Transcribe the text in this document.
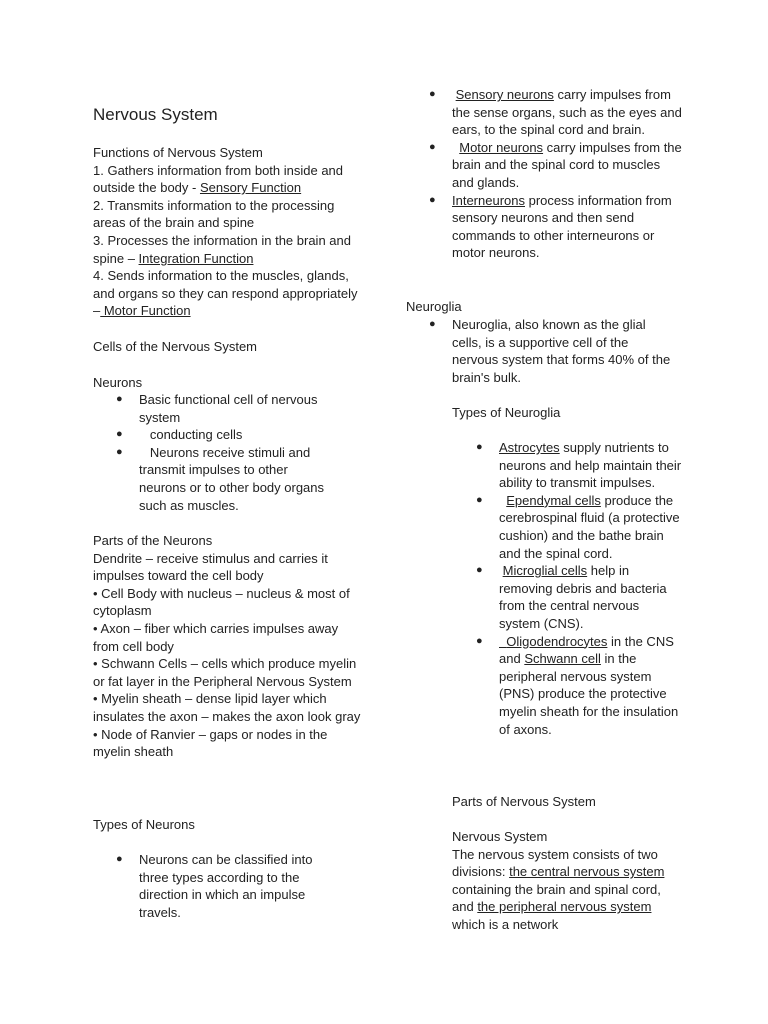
Nervous System

Functions of Nervous System

1. Gathers information from both inside and outside the body - Sensory Function

2. Transmits information to the processing areas of the brain and spine

3. Processes the information in the brain and spine – Integration Function

4. Sends information to the muscles, glands, and organs so they can respond appropriately – Motor Function

Cells of the Nervous System

Neurons

● Basic functional cell of nervous system
● conducting cells
● Neurons receive stimuli and transmit impulses to other neurons or to other body organs such as muscles.

Parts of the Neurons

Dendrite – receive stimulus and carries it impulses toward the cell body

• Cell Body with nucleus – nucleus & most of cytoplasm

• Axon – fiber which carries impulses away from cell body

• Schwann Cells – cells which produce myelin or fat layer in the Peripheral Nervous System

• Myelin sheath – dense lipid layer which insulates the axon – makes the axon look gray

• Node of Ranvier – gaps or nodes in the myelin sheath

Types of Neurons

● Neurons can be classified into three types according to the direction in which an impulse travels.
● Sensory neurons carry impulses from the sense organs, such as the eyes and ears, to the spinal cord and brain.
● Motor neurons carry impulses from the brain and the spinal cord to muscles and glands.
● Interneurons process information from sensory neurons and then send commands to other interneurons or motor neurons.

Neuroglia

● Neuroglia, also known as the glial cells, is a supportive cell of the nervous system that forms 40% of the brain's bulk.

Types of Neuroglia

● Astrocytes supply nutrients to neurons and help maintain their ability to transmit impulses.
● Ependymal cells produce the cerebrospinal fluid (a protective cushion) and the bathe brain and the spinal cord.
● Microglial cells help in removing debris and bacteria from the central nervous system (CNS).
● Oligodendrocytes in the CNS and Schwann cell in the peripheral nervous system (PNS) produce the protective myelin sheath for the insulation of axons.

Parts of Nervous System

Nervous System

The nervous system consists of two divisions: the central nervous system containing the brain and spinal cord, and the peripheral nervous system which is a network
